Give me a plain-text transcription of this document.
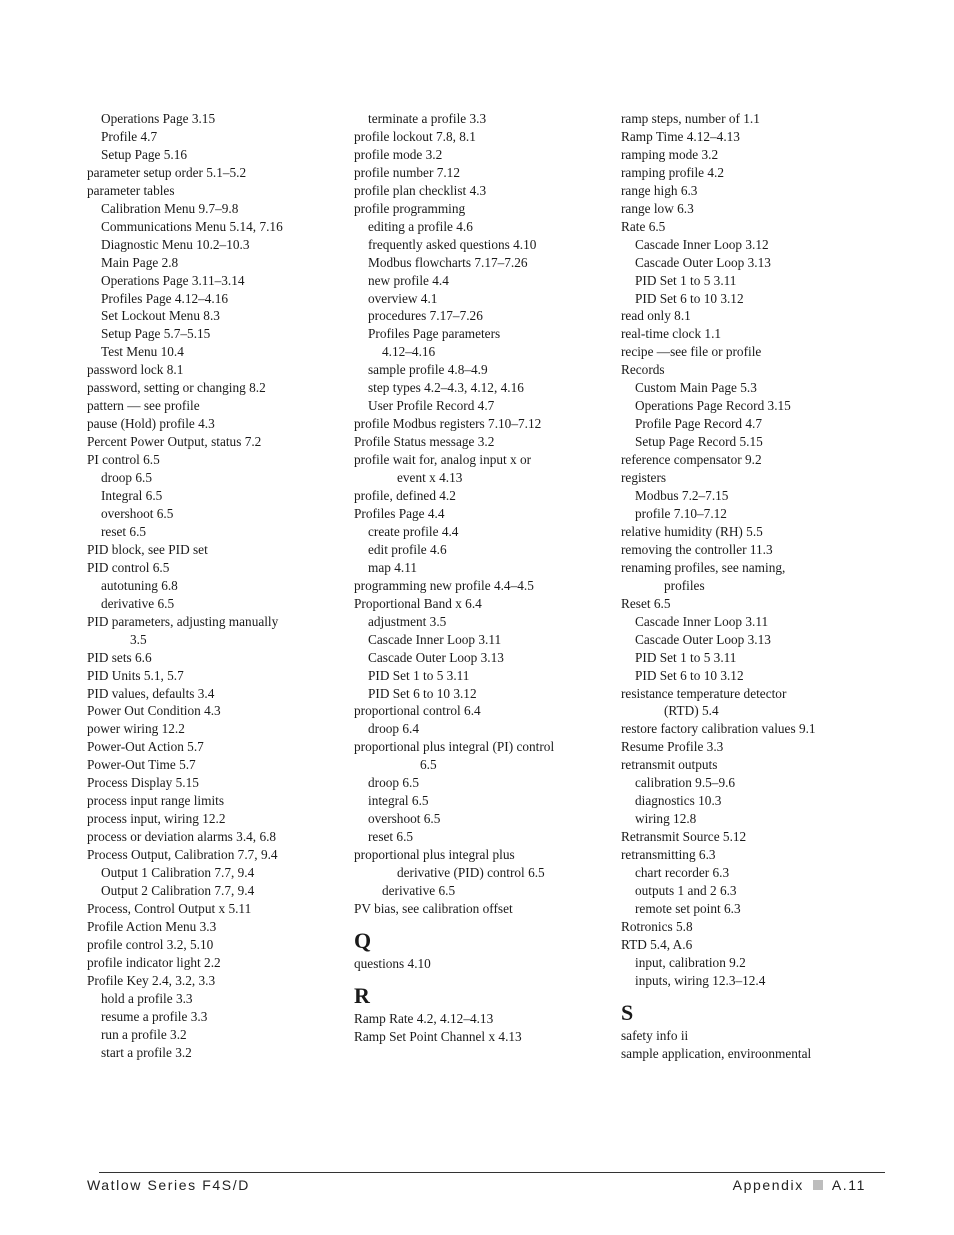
Operations Page 3.15
Profile 4.7
Setup Page 5.16
parameter setup order 5.1–5.2
parameter tables
Calibration Menu 9.7–9.8
Communications Menu 5.14, 7.16
Diagnostic Menu 10.2–10.3
Main Page 2.8
Operations Page 3.11–3.14
Profiles Page 4.12–4.16
Set Lockout Menu 8.3
Setup Page 5.7–5.15
Test Menu 10.4
password lock 8.1
password, setting or changing 8.2
pattern — see profile
pause (Hold) profile 4.3
Percent Power Output, status 7.2
PI control 6.5
droop 6.5
Integral 6.5
overshoot 6.5
reset 6.5
PID block, see PID set
PID control 6.5
autotuning 6.8
derivative 6.5
PID parameters, adjusting manually
3.5
PID sets 6.6
PID Units 5.1, 5.7
PID values, defaults 3.4
Power Out Condition 4.3
power wiring 12.2
Power-Out Action 5.7
Power-Out Time 5.7
Process Display 5.15
process input range limits
process input, wiring 12.2
process or deviation alarms 3.4, 6.8
Process Output, Calibration 7.7, 9.4
Output 1 Calibration 7.7, 9.4
Output 2 Calibration 7.7, 9.4
Process, Control Output x 5.11
Profile Action Menu 3.3
profile control 3.2, 5.10
profile indicator light 2.2
Profile Key 2.4, 3.2, 3.3
hold a profile 3.3
resume a profile 3.3
run a profile 3.2
start a profile 3.2
terminate a profile 3.3
profile lockout 7.8, 8.1
profile mode 3.2
profile number 7.12
profile plan checklist 4.3
profile programming
editing a profile 4.6
frequently asked questions 4.10
Modbus flowcharts 7.17–7.26
new profile 4.4
overview 4.1
procedures 7.17–7.26
Profiles Page parameters
4.12–4.16
sample profile 4.8–4.9
step types 4.2–4.3, 4.12, 4.16
User Profile Record 4.7
profile Modbus registers 7.10–7.12
Profile Status message 3.2
profile wait for, analog input x or
event x 4.13
profile, defined 4.2
Profiles Page 4.4
create profile 4.4
edit profile 4.6
map 4.11
programming new profile 4.4–4.5
Proportional Band x 6.4
adjustment 3.5
Cascade Inner Loop 3.11
Cascade Outer Loop 3.13
PID Set 1 to 5 3.11
PID Set 6 to 10 3.12
proportional control 6.4
droop 6.4
proportional plus integral (PI) control
6.5
droop 6.5
integral 6.5
overshoot 6.5
reset 6.5
proportional plus integral plus
derivative (PID) control 6.5
derivative 6.5
PV bias, see calibration offset
Q
questions 4.10
R
Ramp Rate 4.2, 4.12–4.13
Ramp Set Point Channel x 4.13
ramp steps, number of 1.1
Ramp Time 4.12–4.13
ramping mode 3.2
ramping profile 4.2
range high 6.3
range low 6.3
Rate 6.5
Cascade Inner Loop 3.12
Cascade Outer Loop 3.13
PID Set 1 to 5 3.11
PID Set 6 to 10 3.12
read only 8.1
real-time clock 1.1
recipe —see file or profile
Records
Custom Main Page 5.3
Operations Page Record 3.15
Profile Page Record 4.7
Setup Page Record 5.15
reference compensator 9.2
registers
Modbus 7.2–7.15
profile 7.10–7.12
relative humidity (RH) 5.5
removing the controller 11.3
renaming profiles, see naming,
profiles
Reset 6.5
Cascade Inner Loop 3.11
Cascade Outer Loop 3.13
PID Set 1 to 5 3.11
PID Set 6 to 10 3.12
resistance temperature detector
(RTD) 5.4
restore factory calibration values 9.1
Resume Profile 3.3
retransmit outputs
calibration 9.5–9.6
diagnostics 10.3
wiring 12.8
Retransmit Source 5.12
retransmitting 6.3
chart recorder 6.3
outputs 1 and 2 6.3
remote set point 6.3
Rotronics 5.8
RTD 5.4, A.6
input, calibration 9.2
inputs, wiring 12.3–12.4
S
safety info ii
sample application, enviroonmental
Watlow Series F4S/D	Appendix A.11
